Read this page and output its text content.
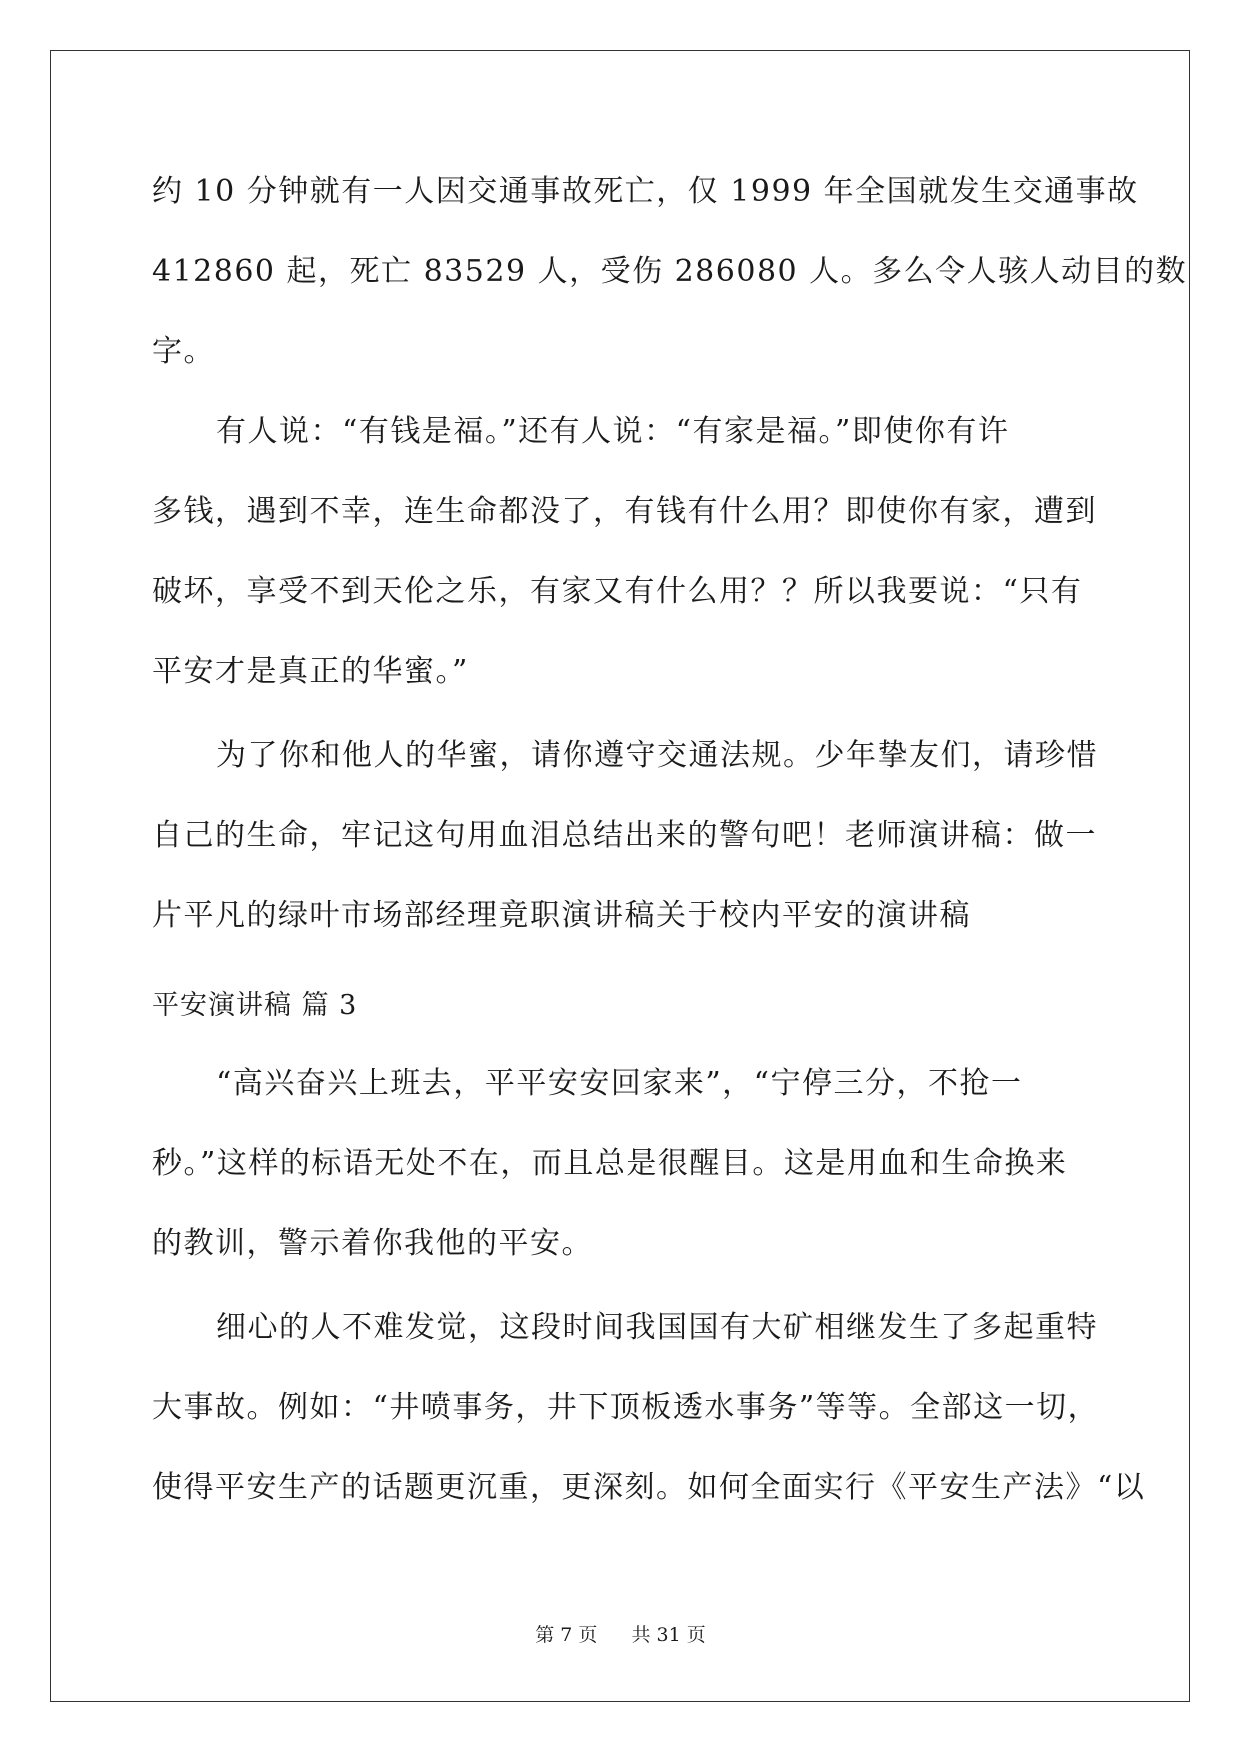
约 10 分钟就有一人因交通事故死亡，仅 1999 年全国就发生交通事故
412860 起，死亡 83529 人，受伤 286080 人。多么令人骇人动目的数
字。
有人说：“有钱是福。”还有人说：“有家是福。”即使你有许
多钱，遇到不幸，连生命都没了，有钱有什么用？即使你有家，遭到
破坏，享受不到天伦之乐，有家又有什么用？？所以我要说：“只有
平安才是真正的华蜜。”
为了你和他人的华蜜，请你遵守交通法规。少年挚友们，请珍惜
自己的生命，牢记这句用血泪总结出来的警句吧！老师演讲稿：做一
片平凡的绿叶市场部经理竟职演讲稿关于校内平安的演讲稿
平安演讲稿 篇 3
“高兴奋兴上班去，平平安安回家来”，“宁停三分，不抢一
秒。”这样的标语无处不在，而且总是很醒目。这是用血和生命换来
的教训，警示着你我他的平安。
细心的人不难发觉，这段时间我国国有大矿相继发生了多起重特
大事故。例如：“井喷事务，井下顶板透水事务”等等。全部这一切，
使得平安生产的话题更沉重，更深刻。如何全面实行《平安生产法》“以
第 7 页 共 31 页
